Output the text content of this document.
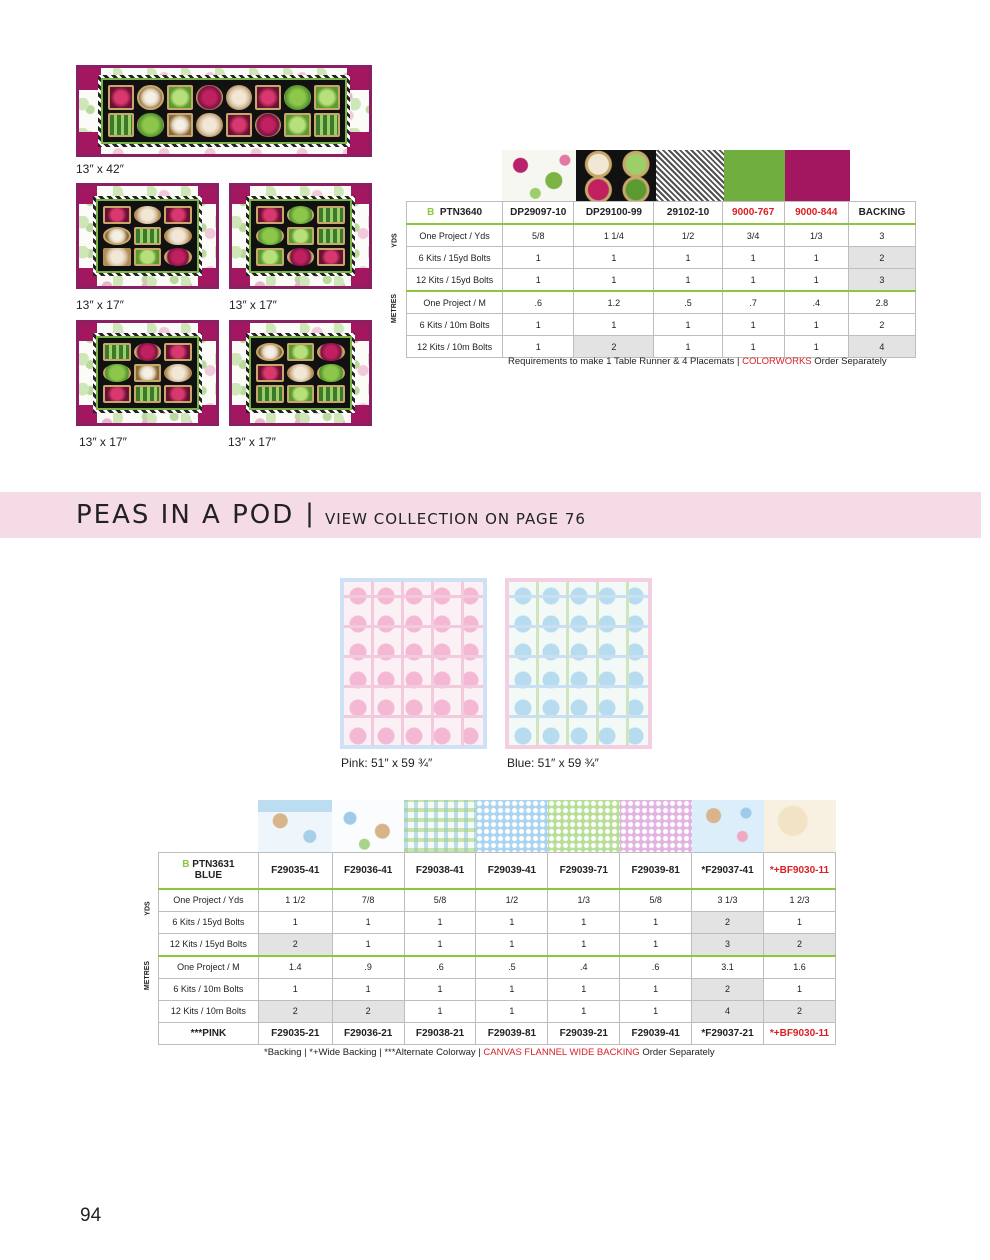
13″ x 42″
13″ x 17″	13″ x 17″
13″ x 17″	13″ x 17″
B PTN3640	DP29097-10	DP29100-99	29102-10	9000-767	9000-844	BACKING
One Project / Yds	5/8	1 1/4	1/2	3/4	1/3	3
6 Kits / 15yd Bolts	1	1	1	1	1	2
12 Kits / 15yd Bolts	1	1	1	1	1	3
One Project / M	.6	1.2	.5	.7	.4	2.8
6 Kits / 10m Bolts	1	1	1	1	1	2
12 Kits / 10m Bolts	1	2	1	1	1	4
YDS
METRES
Requirements to make 1 Table Runner & 4 Placemats | COLORWORKS Order Separately
PEAS IN A POD | VIEW COLLECTION ON PAGE 76
Pink: 51″ x 59 ¾″	Blue: 51″ x 59 ¾″
B PTN3631
BLUE	F29035-41	F29036-41	F29038-41	F29039-41	F29039-71	F29039-81	*F29037-41	*+BF9030-11
One Project / Yds	1 1/2	7/8	5/8	1/2	1/3	5/8	3 1/3	1 2/3
6 Kits / 15yd Bolts	1	1	1	1	1	1	2	1
12 Kits / 15yd Bolts	2	1	1	1	1	1	3	2
One Project / M	1.4	.9	.6	.5	.4	.6	3.1	1.6
6 Kits / 10m Bolts	1	1	1	1	1	1	2	1
12 Kits / 10m Bolts	2	2	1	1	1	1	4	2
***PINK	F29035-21	F29036-21	F29038-21	F29039-81	F29039-21	F29039-41	*F29037-21	*+BF9030-11
YDS
METRES
*Backing | *+Wide Backing | ***Alternate Colorway | CANVAS FLANNEL WIDE BACKING Order Separately
94
